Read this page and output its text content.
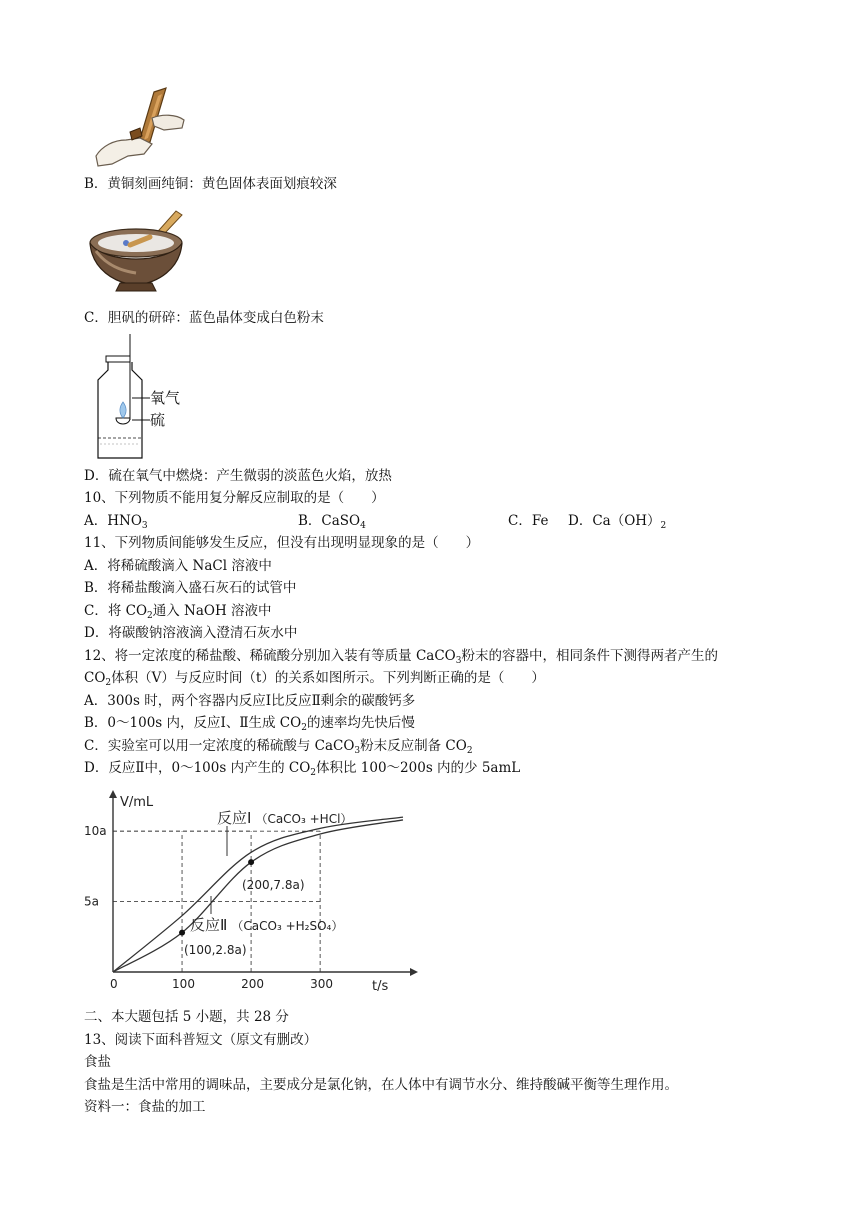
B．黄铜刻画纯铜：黄色固体表面划痕较深
C．胆矾的研碎：蓝色晶体变成白色粉末
氧气
硫
D．硫在氧气中燃烧：产生微弱的淡蓝色火焰，放热
10、下列物质不能用复分解反应制取的是（　　）
A．$HNO_3$	B．CaSO$_4$	C．Fe D．$Ca(OH)_2$
11、下列物质间能够发生反应，但没有出现明显现象的是（　　）
A．将稀硫酸滴入 NaCl 溶液中
B．将稀盐酸滴入盛石灰石的试管中
C．将 $CO_2$通入 NaOH 溶液中
D．将碳酸钠溶液滴入澄清石灰水中
12、将一定浓度的稀盐酸、稀硫酸分别加入装有等质量 CaCO$_3$粉末的容器中，相同条件下测得两者产生的
$CO_2$体积（V）与反应时间（t）的关系如图所示。下列判断正确的是（　　）
A．300s 时，两个容器内反应Ⅰ比反应Ⅱ剩余的碳酸钙多
B．0～100s 内，反应Ⅰ、Ⅱ生成 $CO_2$的速率均先快后慢
C．实验室可以用一定浓度的稀硫酸与 CaCO$_3$粉末反应制备 $CO_2$
D．反应Ⅱ中，0～100s 内产生的 $CO_2$体积比 100～200s 内的少 5amL
0	100	200	300
5a
10a
V/mL
t/s
反应Ⅰ （CaCO₃ +HCl）
反应Ⅱ （CaCO₃ +H₂SO₄）
(200,7.8a)
(100,2.8a)
二、本大题包括 5 小题，共 28 分
13、阅读下面科普短文（原文有删改）
食盐
食盐是生活中常用的调味品，主要成分是氯化钠，在人体中有调节水分、维持酸碱平衡等生理作用。
资料一：食盐的加工
